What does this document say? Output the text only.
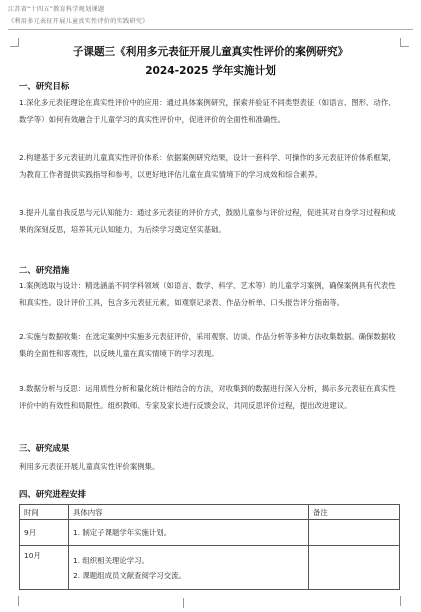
江苏省“十四五”教育科学规划课题
《利用多元表征开展儿童真实性评价的实践研究》
子课题三《利用多元表征开展儿童真实性评价的案例研究》
2024-2025 学年实施计划
一、研究目标
1.深化多元表征理论在真实性评价中的应用：通过具体案例研究，探索并验证不同类型表征（如语言、图形、动作、数学等）如何有效融合于儿童学习的真实性评价中，促进评价的全面性和准确性。
2.构建基于多元表征的儿童真实性评价体系：依据案例研究结果，设计一套科学、可操作的多元表征评价体系框架，为教育工作者提供实践指导和参考，以更好地评估儿童在真实情境下的学习成效和综合素养。
3.提升儿童自我反思与元认知能力：通过多元表征的评价方式，鼓励儿童参与评价过程，促进其对自身学习过程和成果的深刻反思，培养其元认知能力，为后续学习奠定坚实基础。
二、研究措施
1.案例选取与设计：精选涵盖不同学科领域（如语言、数学、科学、艺术等）的儿童学习案例，确保案例具有代表性和真实性。设计评价工具，包含多元表征元素，如观察记录表、作品分析单、口头报告评分指南等。
2.实施与数据收集：在选定案例中实施多元表征评价，采用观察、访谈、作品分析等多种方法收集数据。确保数据收集的全面性和客观性，以反映儿童在真实情境下的学习表现。
3.数据分析与反思：运用质性分析和量化统计相结合的方法，对收集到的数据进行深入分析，揭示多元表征在真实性评价中的有效性和局限性。组织教师、专家及家长进行反馈会议，共同反思评价过程，提出改进建议。
三、研究成果
利用多元表征开展儿童真实性评价案例集。
四、研究进程安排
时间	具体内容	备注
9月	1. 制定子课题学年实施计划。	

10月	1. 组织相关理论学习。
2. 课题组成员文献查阅学习交流。	
